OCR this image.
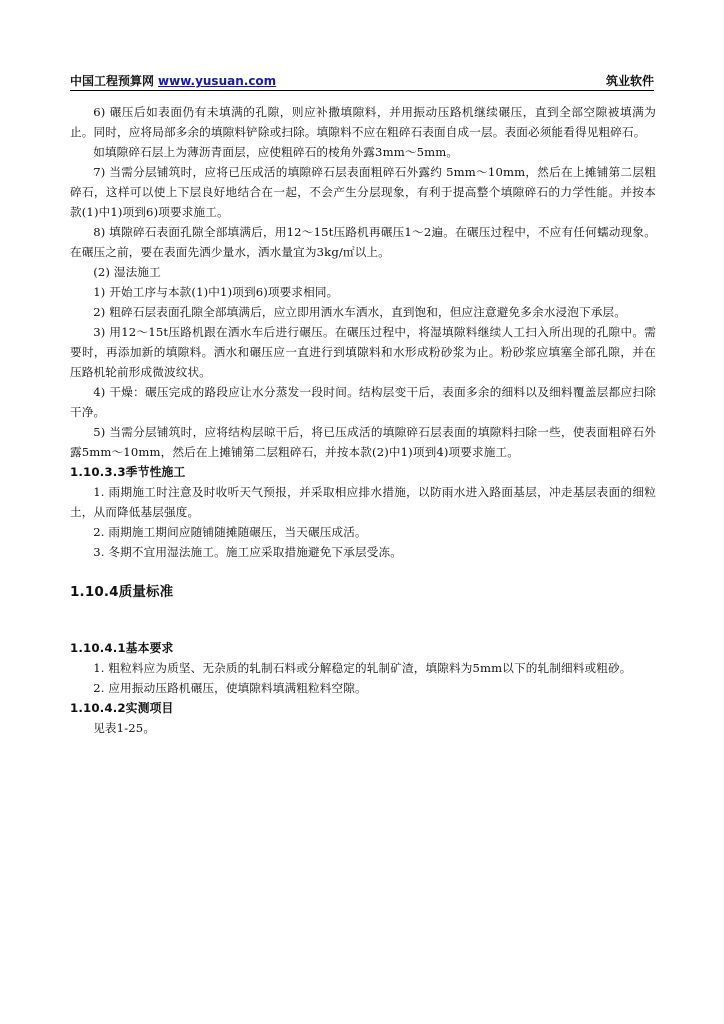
中国工程预算网 www.yusuan.com	筑业软件

6) 碾压后如表面仍有未填满的孔隙，则应补撒填隙料，并用振动压路机继续碾压，直到全部空隙被填满为止。同时，应将局部多余的填隙料铲除或扫除。填隙料不应在粗碎石表面自成一层。表面必须能看得见粗碎石。

如填隙碎石层上为薄沥青面层，应使粗碎石的棱角外露3mm～5mm。

7) 当需分层铺筑时，应将已压成活的填隙碎石层表面粗碎石外露约 5mm～10mm，然后在上摊铺第二层粗碎石，这样可以使上下层良好地结合在一起，不会产生分层现象，有利于提高整个填隙碎石的力学性能。并按本款(1)中1)项到6)项要求施工。

8) 填隙碎石表面孔隙全部填满后，用12～15t压路机再碾压1～2遍。在碾压过程中，不应有任何蠕动现象。在碾压之前，要在表面先洒少量水，洒水量宜为3kg/㎡以上。

(2) 湿法施工

1) 开始工序与本款(1)中1)项到6)项要求相同。

2) 粗碎石层表面孔隙全部填满后，应立即用洒水车洒水，直到饱和，但应注意避免多余水浸泡下承层。

3) 用12～15t压路机跟在洒水车后进行碾压。在碾压过程中，将湿填隙料继续人工扫入所出现的孔隙中。需要时，再添加新的填隙料。洒水和碾压应一直进行到填隙料和水形成粉砂浆为止。粉砂浆应填塞全部孔隙，并在压路机轮前形成微波纹状。

4) 干燥：碾压完成的路段应让水分蒸发一段时间。结构层变干后，表面多余的细料以及细料覆盖层都应扫除干净。

5) 当需分层铺筑时，应将结构层晾干后，将已压成活的填隙碎石层表面的填隙料扫除一些，使表面粗碎石外露5mm～10mm，然后在上摊铺第二层粗碎石，并按本款(2)中1)项到4)项要求施工。

1.10.3.3季节性施工

1. 雨期施工时注意及时收听天气预报，并采取相应排水措施，以防雨水进入路面基层，冲走基层表面的细粒土，从而降低基层强度。

2. 雨期施工期间应随铺随摊随碾压，当天碾压成活。

3. 冬期不宜用湿法施工。施工应采取措施避免下承层受冻。

1.10.4质量标准

1.10.4.1基本要求

1. 粗粒料应为质坚、无杂质的轧制石料或分解稳定的轧制矿渣，填隙料为5mm以下的轧制细料或粗砂。

2. 应用振动压路机碾压，使填隙料填满粗粒料空隙。

1.10.4.2实测项目

见表1-25。
